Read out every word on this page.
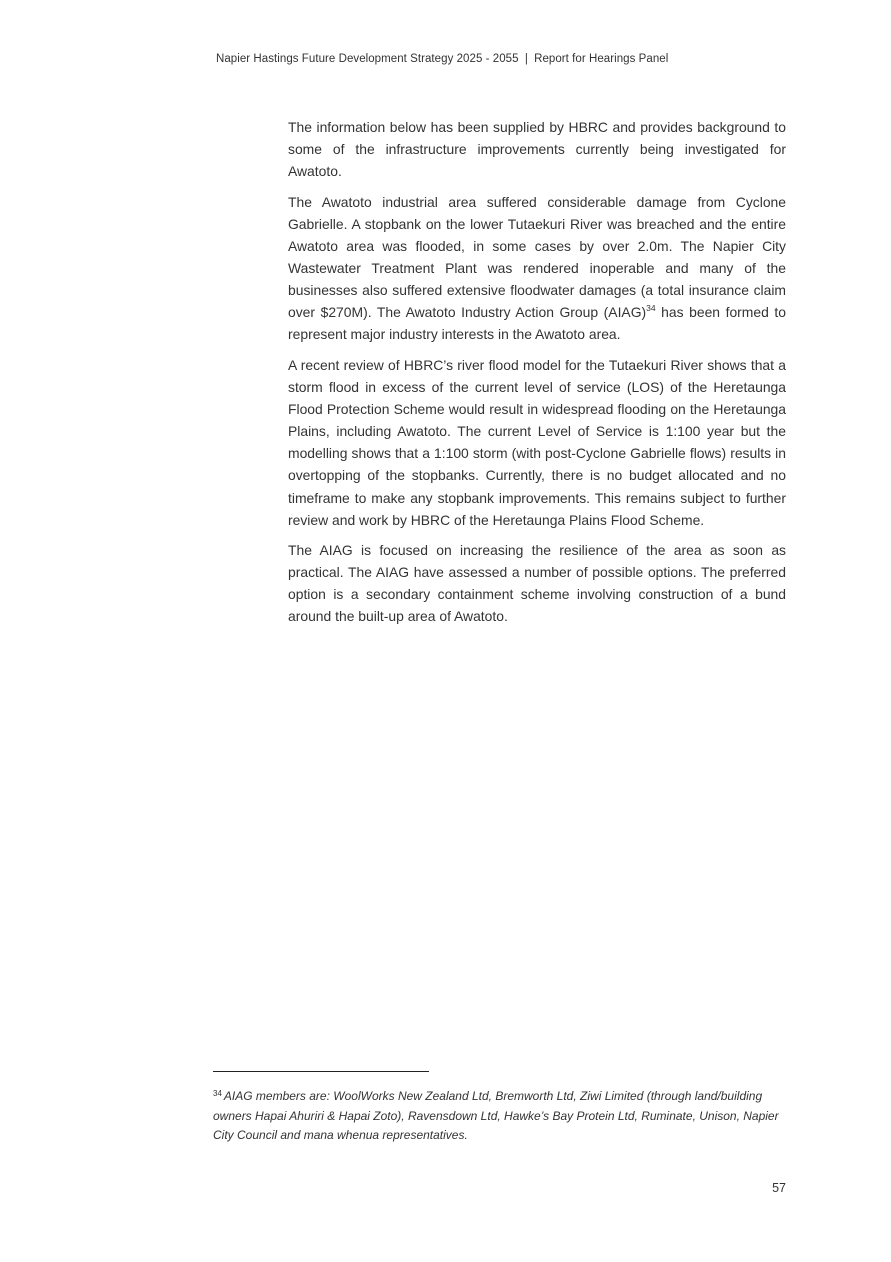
Napier Hastings Future Development Strategy 2025 - 2055 | Report for Hearings Panel

The information below has been supplied by HBRC and provides background to some of the infrastructure improvements currently being investigated for Awatoto.

The Awatoto industrial area suffered considerable damage from Cyclone Gabrielle. A stopbank on the lower Tutaekuri River was breached and the entire Awatoto area was flooded, in some cases by over 2.0m. The Napier City Wastewater Treatment Plant was rendered inoperable and many of the businesses also suffered extensive floodwater damages (a total insurance claim over $270M). The Awatoto Industry Action Group (AIAG)$^{34}$ has been formed to represent major industry interests in the Awatoto area.

A recent review of HBRC’s river flood model for the Tutaekuri River shows that a storm flood in excess of the current level of service (LOS) of the Heretaunga Flood Protection Scheme would result in widespread flooding on the Heretaunga Plains, including Awatoto. The current Level of Service is 1:100 year but the modelling shows that a 1:100 storm (with post-Cyclone Gabrielle flows) results in overtopping of the stopbanks. Currently, there is no budget allocated and no timeframe to make any stopbank improvements. This remains subject to further review and work by HBRC of the Heretaunga Plains Flood Scheme.

The AIAG is focused on increasing the resilience of the area as soon as practical. The AIAG have assessed a number of possible options. The preferred option is a secondary containment scheme involving construction of a bund around the built-up area of Awatoto.

$^{34}$ AIAG members are: WoolWorks New Zealand Ltd, Bremworth Ltd, Ziwi Limited (through land/building owners Hapai Ahuriri & Hapai Zoto), Ravensdown Ltd, Hawke’s Bay Protein Ltd, Ruminate, Unison, Napier City Council and mana whenua representatives.
57
